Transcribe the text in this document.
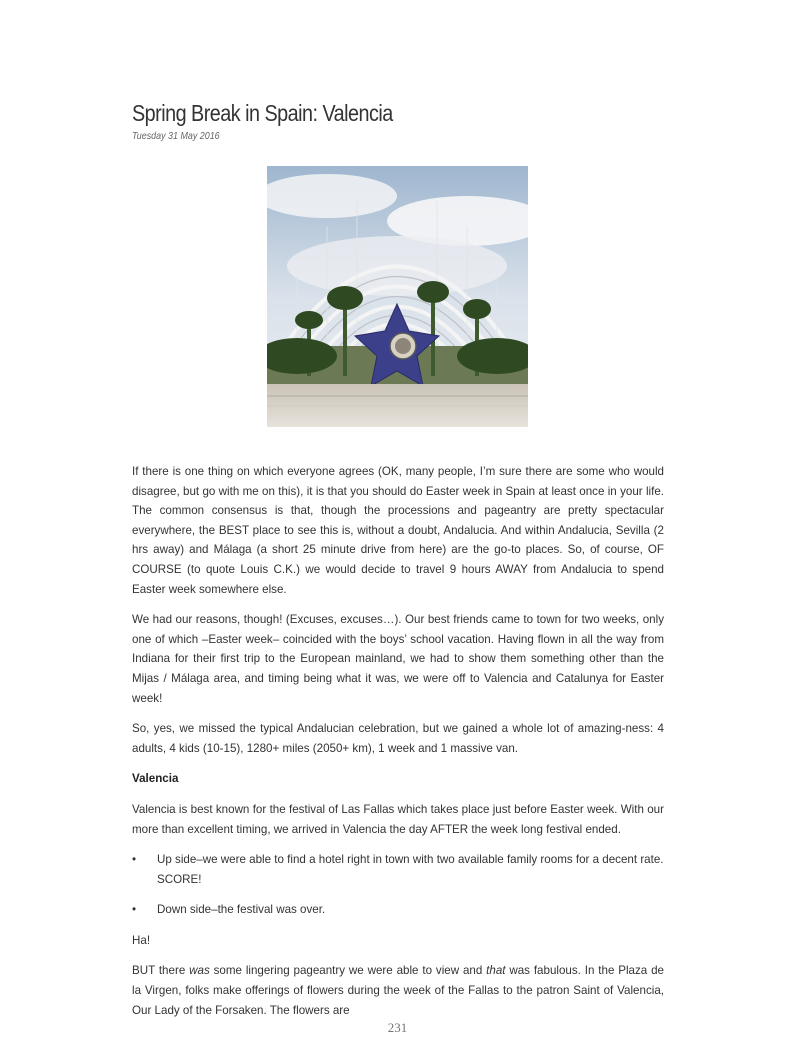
Spring Break in Spain: Valencia
Tuesday 31 May 2016

If there is one thing on which everyone agrees (OK, many people, I’m sure there are some who would disagree, but go with me on this), it is that you should do Easter week in Spain at least once in your life. The common consensus is that, though the processions and pageantry are pretty spectacular everywhere, the BEST place to see this is, without a doubt, Andalucia. And within Andalucia, Sevilla (2 hrs away) and Málaga (a short 25 minute drive from here) are the go-to places. So, of course, OF COURSE (to quote Louis C.K.) we would decide to travel 9 hours AWAY from Andalucia to spend Easter week somewhere else.

We had our reasons, though! (Excuses, excuses…). Our best friends came to town for two weeks, only one of which –Easter week– coincided with the boys’ school vacation. Having flown in all the way from Indiana for their first trip to the European mainland, we had to show them something other than the Mijas / Málaga area, and timing being what it was, we were off to Valencia and Catalunya for Easter week!

So, yes, we missed the typical Andalucian celebration, but we gained a whole lot of amazing-ness: 4 adults, 4 kids (10-15), 1280+ miles (2050+ km), 1 week and 1 massive van.

Valencia

Valencia is best known for the festival of Las Fallas which takes place just before Easter week. With our more than excellent timing, we arrived in Valencia the day AFTER the week long festival ended.

• Up side–we were able to find a hotel right in town with two available family rooms for a decent rate. SCORE!
• Down side–the festival was over.

Ha!

BUT there was some lingering pageantry we were able to view and that was fabulous. In the Plaza de la Virgen, folks make offerings of flowers during the week of the Fallas to the patron Saint of Valencia, Our Lady of the Forsaken. The flowers are

231
